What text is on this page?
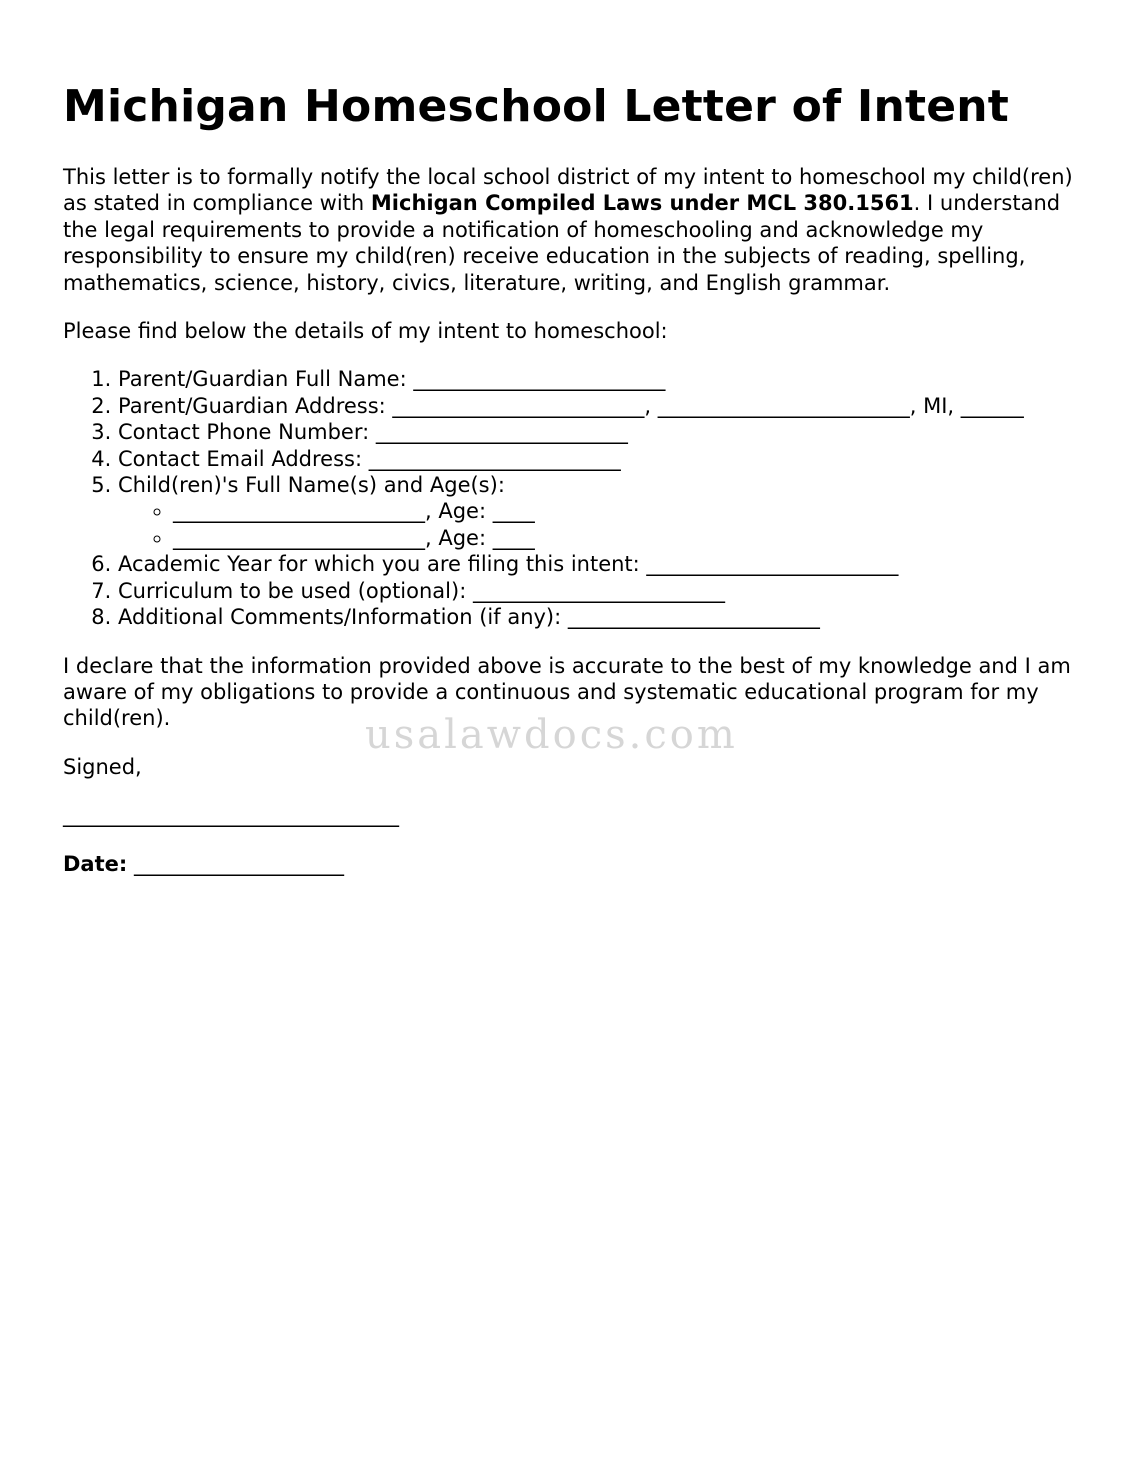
Michigan Homeschool Letter of Intent

This letter is to formally notify the local school district of my intent to homeschool my child(ren) as stated in compliance with Michigan Compiled Laws under MCL 380.1561. I understand the legal requirements to provide a notification of homeschooling and acknowledge my responsibility to ensure my child(ren) receive education in the subjects of reading, spelling, mathematics, science, history, civics, literature, writing, and English grammar.

Please find below the details of my intent to homeschool:

1. Parent/Guardian Full Name: ________________________
2. Parent/Guardian Address: ________________________, ________________________, MI, ______
3. Contact Phone Number: ________________________
4. Contact Email Address: ________________________
5. Child(ren)'s Full Name(s) and Age(s):
◦ ________________________, Age: ____
◦ ________________________, Age: ____
6. Academic Year for which you are filing this intent: ________________________
7. Curriculum to be used (optional): ________________________
8. Additional Comments/Information (if any): ________________________

I declare that the information provided above is accurate to the best of my knowledge and I am aware of my obligations to provide a continuous and systematic educational program for my child(ren).

Signed,

________________________________

Date: ____________________

usalawdocs.com
